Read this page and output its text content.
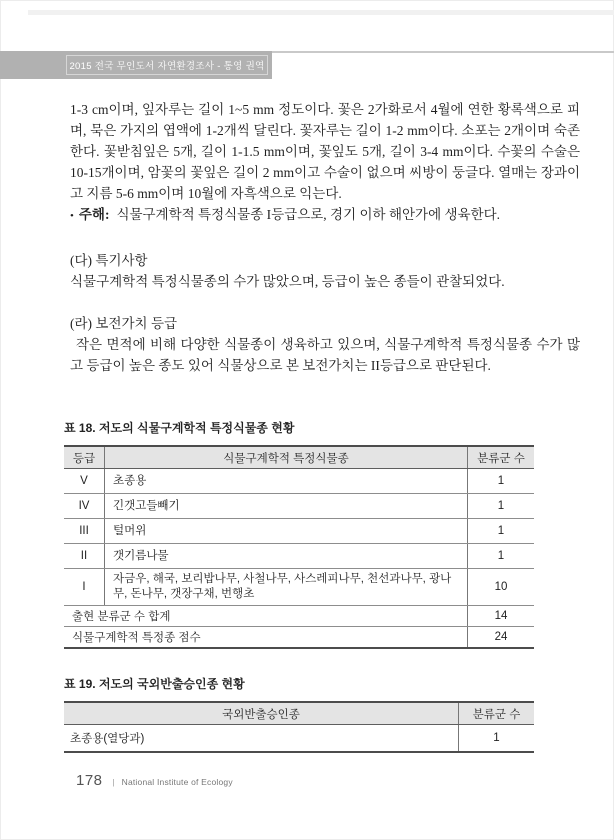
2015 전국 무인도서 자연환경조사 - 통영 권역

1-3 cm이며, 잎자루는 길이 1~5 mm 정도이다. 꽃은 2가화로서 4월에 연한 황록색으로 피며, 묵은 가지의 엽액에 1-2개씩 달린다. 꽃자루는 길이 1-2 mm이다. 소포는 2개이며 숙존한다. 꽃받침잎은 5개, 길이 1-1.5 mm이며, 꽃잎도 5개, 길이 3-4 mm이다. 수꽃의 수술은 10-15개이며, 암꽃의 꽃잎은 길이 2 mm이고 수술이 없으며 씨방이 둥글다. 열매는 장과이고 지름 5-6 mm이며 10월에 자흑색으로 익는다.

• 주해: 식물구계학적 특정식물종 I등급으로, 경기 이하 해안가에 생육한다.

(다) 특기사항

식물구계학적 특정식물종의 수가 많았으며, 등급이 높은 종들이 관찰되었다.

(라) 보전가치 등급

작은 면적에 비해 다양한 식물종이 생육하고 있으며, 식물구계학적 특정식물종 수가 많고 등급이 높은 종도 있어 식물상으로 본 보전가치는 II등급으로 판단된다.

표 18. 저도의 식물구계학적 특정식물종 현황

등급	식물구계학적 특정식물종	분류군 수
V	초종용	1
IV	긴갯고들빼기	1
III	털머위	1
II	갯기름나물	1
I	자금우, 해국, 보리밥나무, 사철나무, 사스레피나무, 천선과나무, 광나무, 돈나무, 갯장구채, 번행초	10
출현 분류군 수 합계		14
식물구계학적 특정종 점수		24

표 19. 저도의 국외반출승인종 현황

국외반출승인종	분류군 수
초종용(열당과)	1
178 | National Institute of Ecology
